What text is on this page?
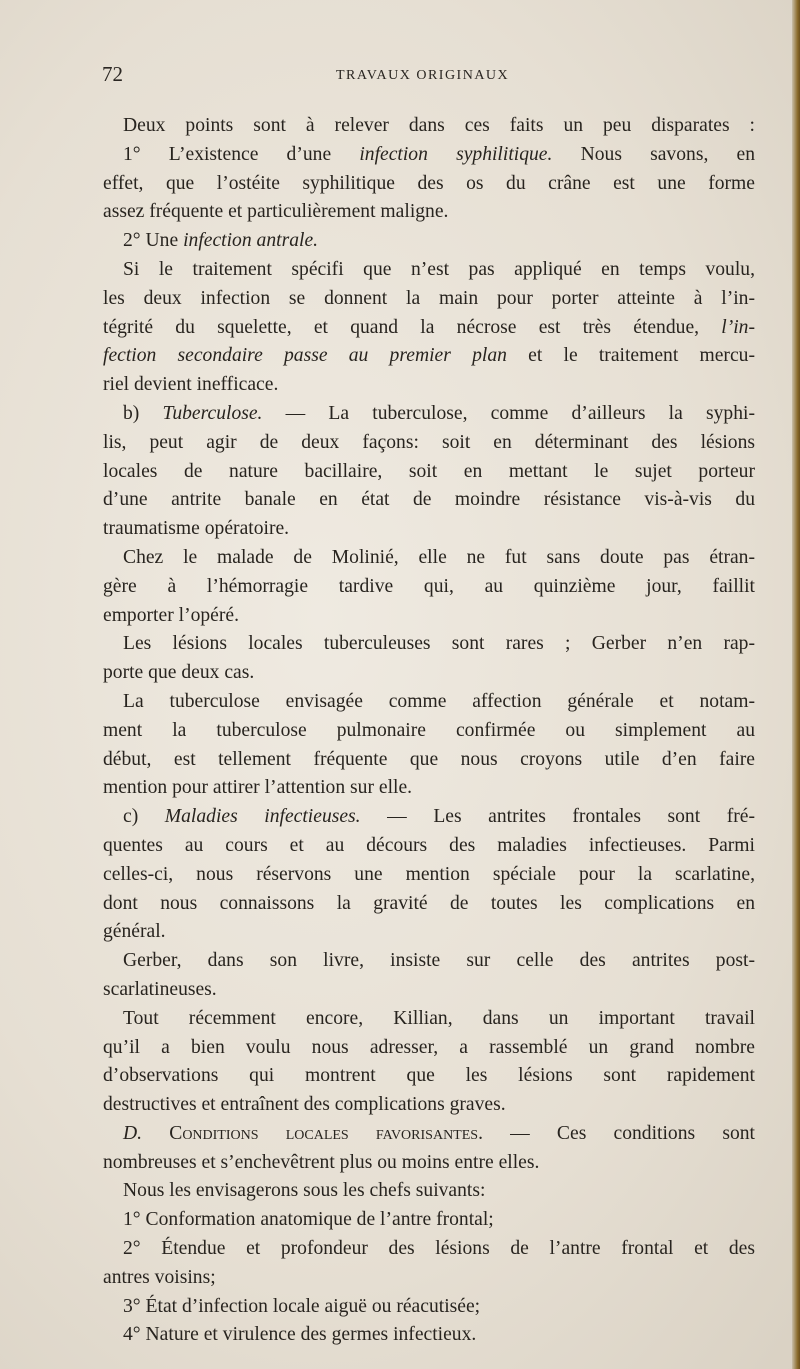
72	TRAVAUX ORIGINAUX
Deux points sont à relever dans ces faits un peu disparates :
1° L’existence d’une infection syphilitique. Nous savons, en
effet, que l’ostéite syphilitique des os du crâne est une forme
assez fréquente et particulièrement maligne.
2° Une infection antrale.
Si le traitement spécifi que n’est pas appliqué en temps voulu,
les deux infection se donnent la main pour porter atteinte à l’in-
tégrité du squelette, et quand la nécrose est très étendue, l’in-
fection secondaire passe au premier plan et le traitement mercu-
riel devient inefficace.
b) Tuberculose. — La tuberculose, comme d’ailleurs la syphi-
lis, peut agir de deux façons: soit en déterminant des lésions
locales de nature bacillaire, soit en mettant le sujet porteur
d’une antrite banale en état de moindre résistance vis-à-vis du
traumatisme opératoire.
Chez le malade de Molinié, elle ne fut sans doute pas étran-
gère à l’hémorragie tardive qui, au quinzième jour, faillit
emporter l’opéré.
Les lésions locales tuberculeuses sont rares ; Gerber n’en rap-
porte que deux cas.
La tuberculose envisagée comme affection générale et notam-
ment la tuberculose pulmonaire confirmée ou simplement au
début, est tellement fréquente que nous croyons utile d’en faire
mention pour attirer l’attention sur elle.
c) Maladies infectieuses. — Les antrites frontales sont fré-
quentes au cours et au décours des maladies infectieuses. Parmi
celles-ci, nous réservons une mention spéciale pour la scarlatine,
dont nous connaissons la gravité de toutes les complications en
général.
Gerber, dans son livre, insiste sur celle des antrites post-
scarlatineuses.
Tout récemment encore, Killian, dans un important travail
qu’il a bien voulu nous adresser, a rassemblé un grand nombre
d’observations qui montrent que les lésions sont rapidement
destructives et entraînent des complications graves.
D. Conditions locales favorisantes. — Ces conditions sont
nombreuses et s’enchevêtrent plus ou moins entre elles.
Nous les envisagerons sous les chefs suivants:
1° Conformation anatomique de l’antre frontal;
2° Étendue et profondeur des lésions de l’antre frontal et des
antres voisins;
3° État d’infection locale aiguë ou réacutisée;
4° Nature et virulence des germes infectieux.
